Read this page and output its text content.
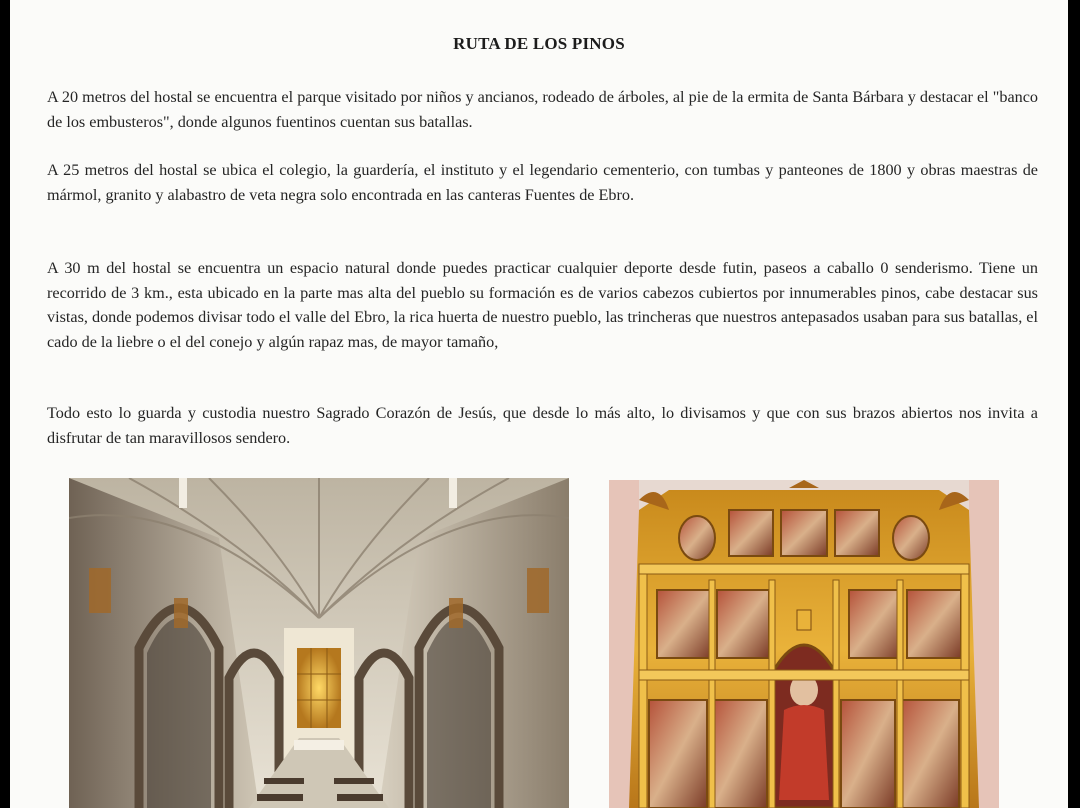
RUTA DE LOS PINOS

A 20 metros del hostal se encuentra el parque visitado por niños y ancianos, rodeado de árboles, al pie de la ermita de Santa Bárbara y destacar el "banco de los embusteros", donde algunos fuentinos cuentan sus batallas.

A 25 metros del hostal se ubica el colegio, la guardería, el instituto y el legendario cementerio, con tumbas y panteones de 1800 y obras maestras de mármol, granito y alabastro de veta negra solo encontrada en las canteras Fuentes de Ebro.

A 30 m del hostal se encuentra un espacio natural donde puedes practicar cualquier deporte desde futin, paseos a caballo 0 senderismo. Tiene un recorrido de 3 km., esta ubicado en la parte mas alta del pueblo su formación es de varios cabezos cubiertos por innumerables pinos, cabe destacar sus vistas, donde podemos divisar todo el valle del Ebro, la rica huerta de nuestro pueblo, las trincheras que nuestros antepasados usaban para sus batallas, el cado de la liebre o el del conejo y algún rapaz mas, de mayor tamaño,

Todo esto lo guarda y custodia nuestro Sagrado Corazón de Jesús, que desde lo más alto, lo divisamos y que con sus brazos abiertos nos invita a disfrutar de tan maravillosos sendero.
